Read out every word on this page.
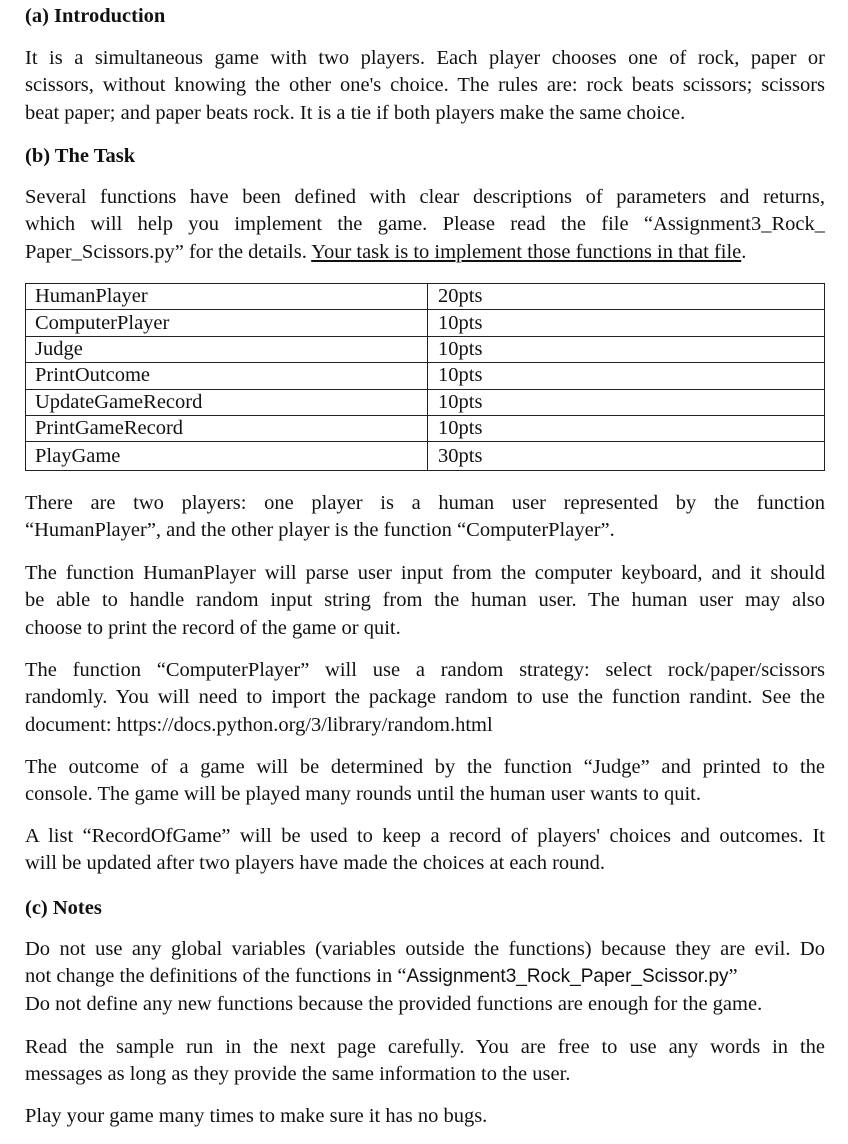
(a) Introduction
It is a simultaneous game with two players. Each player chooses one of rock, paper or
scissors, without knowing the other one's choice. The rules are: rock beats scissors; scissors
beat paper; and paper beats rock. It is a tie if both players make the same choice.
(b) The Task
Several functions have been defined with clear descriptions of parameters and returns,
which will help you implement the game. Please read the file “Assignment3_Rock_
Paper_Scissors.py” for the details. Your task is to implement those functions in that file.
HumanPlayer	20pts
ComputerPlayer	10pts
Judge	10pts
PrintOutcome	10pts
UpdateGameRecord	10pts
PrintGameRecord	10pts
PlayGame	30pts
There are two players: one player is a human user represented by the function
“HumanPlayer”, and the other player is the function “ComputerPlayer”.
The function HumanPlayer will parse user input from the computer keyboard, and it should
be able to handle random input string from the human user. The human user may also
choose to print the record of the game or quit.
The function “ComputerPlayer” will use a random strategy: select rock/paper/scissors
randomly. You will need to import the package random to use the function randint. See the
document: https://docs.python.org/3/library/random.html
The outcome of a game will be determined by the function “Judge” and printed to the
console. The game will be played many rounds until the human user wants to quit.
A list “RecordOfGame” will be used to keep a record of players' choices and outcomes. It
will be updated after two players have made the choices at each round.
(c) Notes
Do not use any global variables (variables outside the functions) because they are evil. Do
not change the definitions of the functions in “Assignment3_Rock_Paper_Scissor.py”
Do not define any new functions because the provided functions are enough for the game.
Read the sample run in the next page carefully. You are free to use any words in the
messages as long as they provide the same information to the user.
Play your game many times to make sure it has no bugs.
